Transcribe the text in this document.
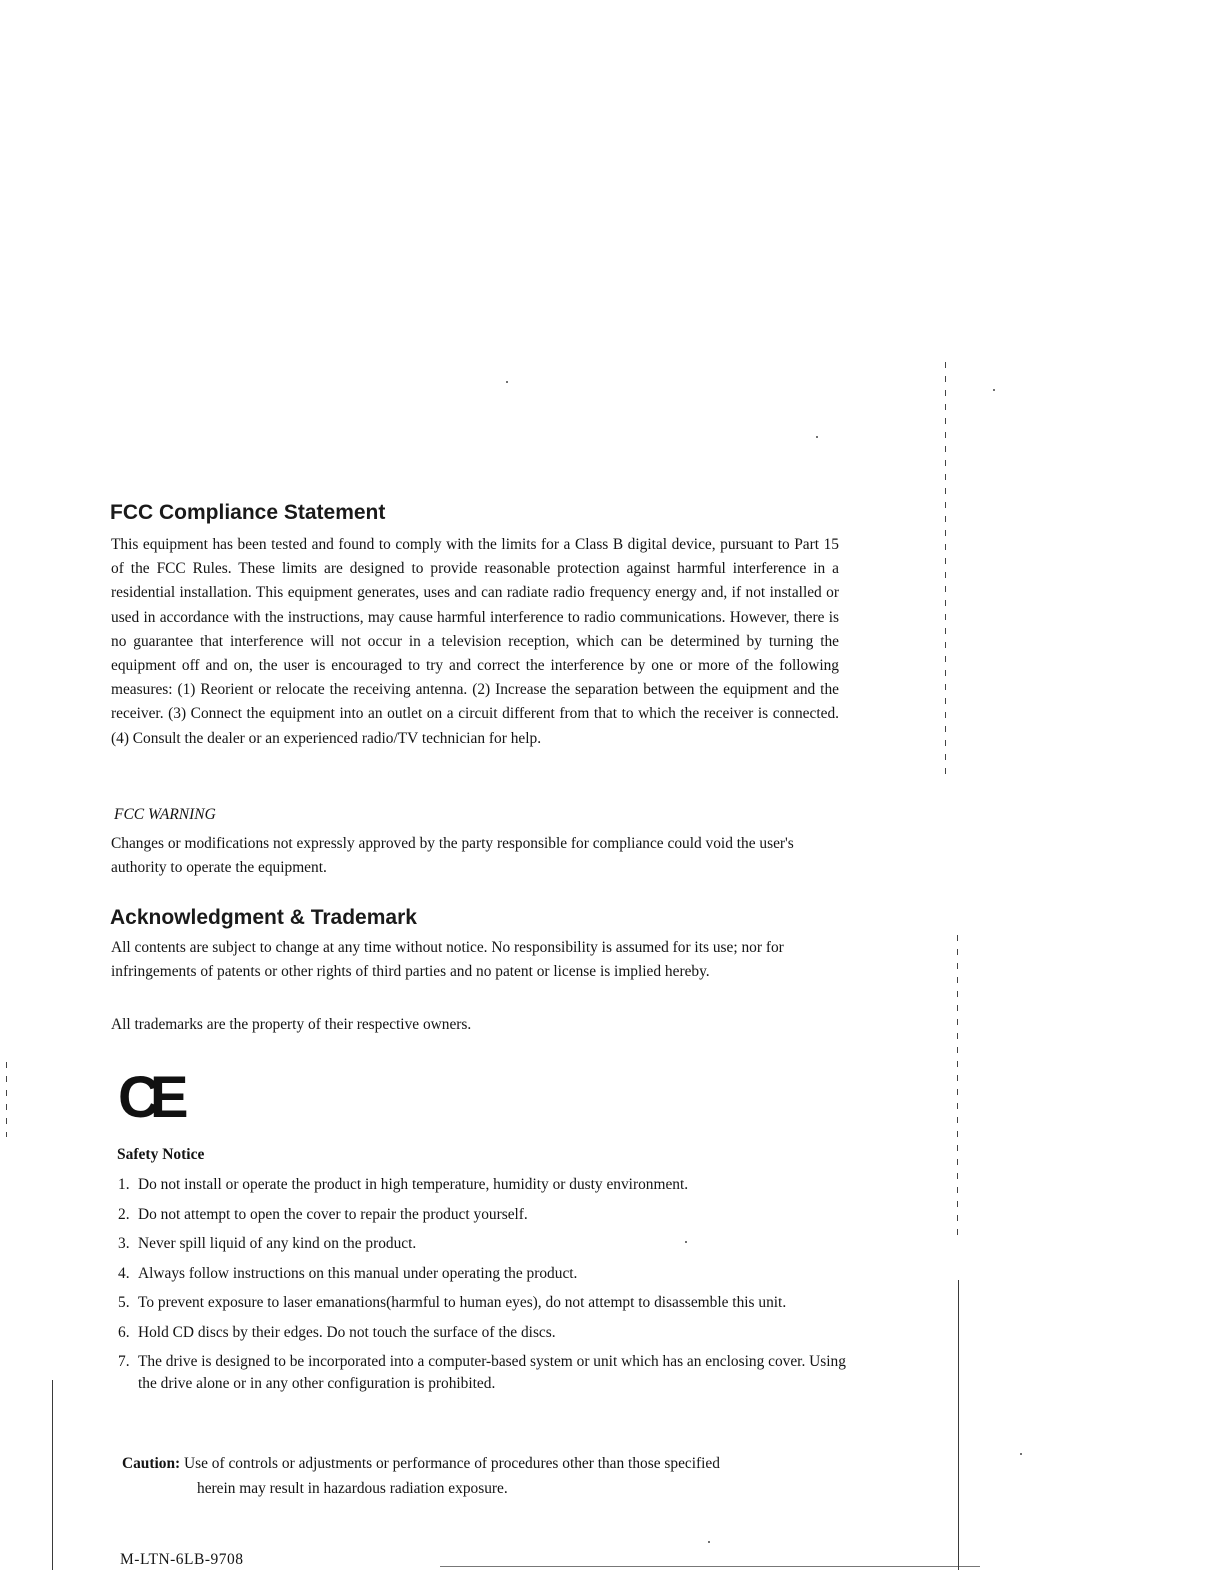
FCC Compliance Statement

This equipment has been tested and found to comply with the limits for a Class B digital device, pursuant to Part 15 of the FCC Rules. These limits are designed to provide reasonable protection against harmful interference in a residential installation. This equipment generates, uses and can radiate radio frequency energy and, if not installed or used in accordance with the instructions, may cause harmful interference to radio communications. However, there is no guarantee that interference will not occur in a television reception, which can be determined by turning the equipment off and on, the user is encouraged to try and correct the interference by one or more of the following measures: (1) Reorient or relocate the receiving antenna. (2) Increase the separation between the equipment and the receiver. (3) Connect the equipment into an outlet on a circuit different from that to which the receiver is connected. (4) Consult the dealer or an experienced radio/TV technician for help.

FCC WARNING

Changes or modifications not expressly approved by the party responsible for compliance could void the user's authority to operate the equipment.

Acknowledgment & Trademark

All contents are subject to change at any time without notice. No responsibility is assumed for its use; nor for infringements of patents or other rights of third parties and no patent or license is implied hereby.

All trademarks are the property of their respective owners.

CE

Safety Notice

1. Do not install or operate the product in high temperature, humidity or dusty environment.
2. Do not attempt to open the cover to repair the product yourself.
3. Never spill liquid of any kind on the product.
4. Always follow instructions on this manual under operating the product.
5. To prevent exposure to laser emanations(harmful to human eyes), do not attempt to disassemble this unit.
6. Hold CD discs by their edges. Do not touch the surface of the discs.
7. The drive is designed to be incorporated into a computer-based system or unit which has an enclosing cover. Using the drive alone or in any other configuration is prohibited.
Caution: Use of controls or adjustments or performance of procedures other than those specified
herein may result in hazardous radiation exposure.
M-LTN-6LB-9708
